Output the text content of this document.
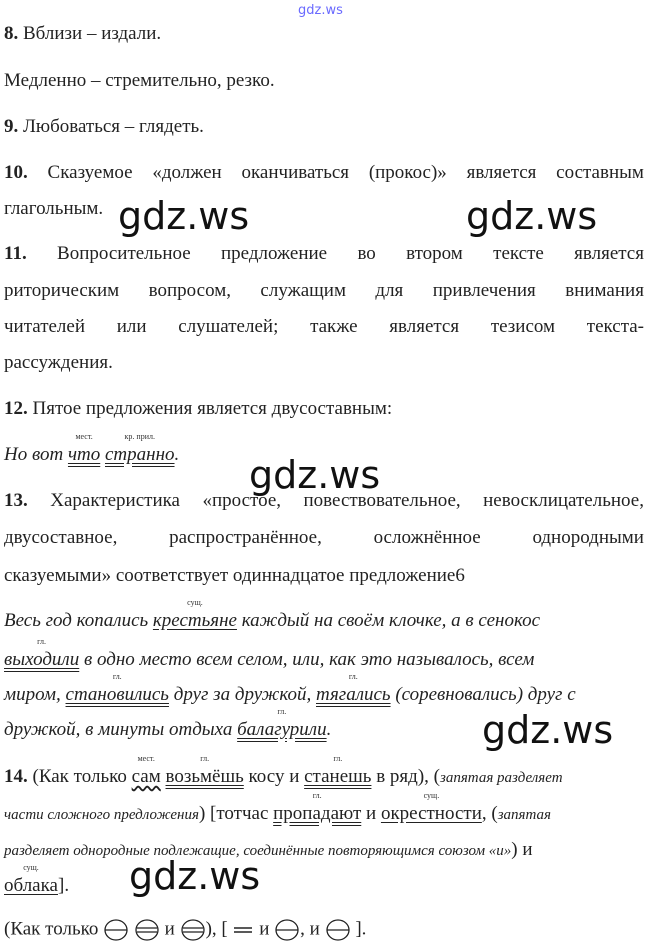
gdz.ws
8. Вблизи – издали.
Медленно – стремительно, резко.
9. Любоваться – глядеть.
10. Сказуемое «должен оканчиваться (прокос)» является составным
глагольным. gdz.ws	gdz.ws
11. Вопросительное предложение во втором тексте является
риторическим вопросом, служащим для привлечения внимания
читателей или слушателей; также является тезисом текста-
рассуждения.
12. Пятое предложения является двусоставным:
Но вот
мест.
что
кр. прил.
странно. gdz.ws
13. Характеристика «простое, повествовательное, невосклицательное,
двусоставное,	распространённое,	осложнённое	однородными
сказуемыми» соответствует одиннадцатое предложение6
Весь год копались
сущ.
крестьяне каждый на своём клочке, а в сенокос
гл.
выходили в одно место всем селом, или, как это называлось, всем
миром,
гл.
становились друг за дружкой,
гл.
тягались (соревновались) друг с
дружкой, в минуты отдыха
гл.
балагурили.	gdz.ws
14. (Как только
мест.
сам
гл.
возьмёшь косу и
гл.
станешь в ряд), (запятая разделяет
части сложного предложения) [тотчас
гл.
пропадают и
сущ.
окрестности, (запятая
разделяет однородные подлежащие, соединённые повторяющимся союзом «и») и
сущ.
облака]. gdz.ws
(Как только	и ), [ и , и ].
